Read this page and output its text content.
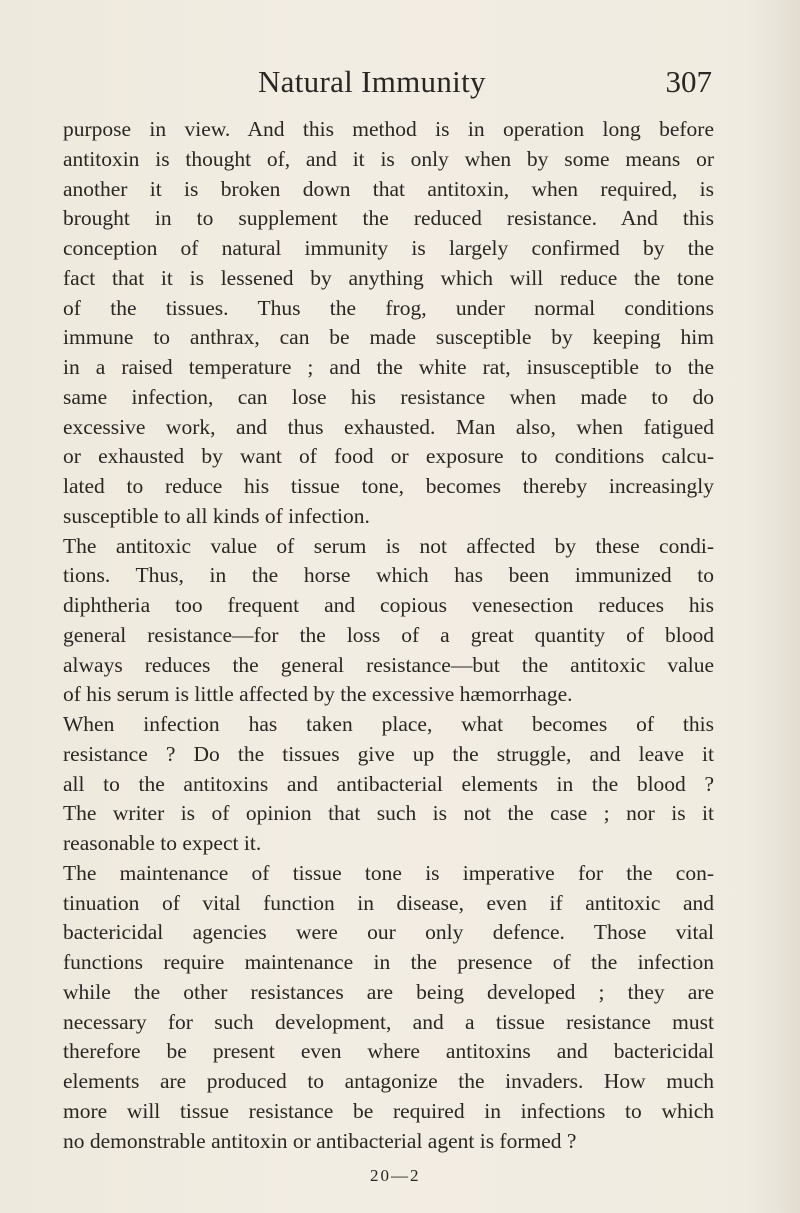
Natural Immunity	307
purpose in view. And this method is in operation long before
antitoxin is thought of, and it is only when by some means or
another it is broken down that antitoxin, when required, is
brought in to supplement the reduced resistance. And this
conception of natural immunity is largely confirmed by the
fact that it is lessened by anything which will reduce the tone
of the tissues. Thus the frog, under normal conditions
immune to anthrax, can be made susceptible by keeping him
in a raised temperature ; and the white rat, insusceptible to the
same infection, can lose his resistance when made to do
excessive work, and thus exhausted. Man also, when fatigued
or exhausted by want of food or exposure to conditions calcu-
lated to reduce his tissue tone, becomes thereby increasingly
susceptible to all kinds of infection.
The antitoxic value of serum is not affected by these condi-
tions. Thus, in the horse which has been immunized to
diphtheria too frequent and copious venesection reduces his
general resistance—for the loss of a great quantity of blood
always reduces the general resistance—but the antitoxic value
of his serum is little affected by the excessive hæmorrhage.
When infection has taken place, what becomes of this
resistance ? Do the tissues give up the struggle, and leave it
all to the antitoxins and antibacterial elements in the blood ?
The writer is of opinion that such is not the case ; nor is it
reasonable to expect it.
The maintenance of tissue tone is imperative for the con-
tinuation of vital function in disease, even if antitoxic and
bactericidal agencies were our only defence. Those vital
functions require maintenance in the presence of the infection
while the other resistances are being developed ; they are
necessary for such development, and a tissue resistance must
therefore be present even where antitoxins and bactericidal
elements are produced to antagonize the invaders. How much
more will tissue resistance be required in infections to which
no demonstrable antitoxin or antibacterial agent is formed ?
20—2
